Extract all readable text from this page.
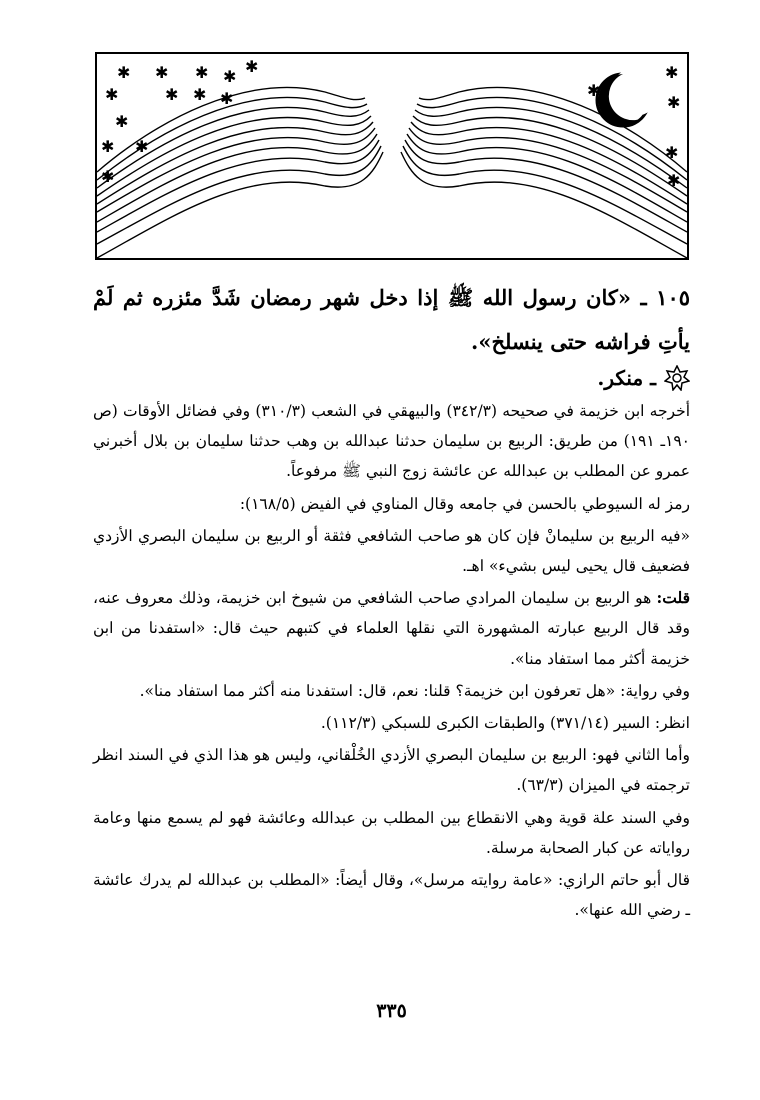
✱ ✱ ✱ ✱
✱
✱	✱ ✱ ✱
✱
✱ ✱
✱
✱
✱
✱
✱
✱
١٠٥ ـ «كان رسول الله ﷺ إذا دخل شهر رمضان شَدَّ مئزره ثم لَمْ يأتِ فراشه حتى ينسلخ».
ـ منكر.

أخرجه ابن خزيمة في صحيحه (٣٤٢/٣) والبيهقي في الشعب (٣١٠/٣) وفي فضائل الأوقات (ص ١٩٠ـ ١٩١) من طريق: الربيع بن سليمان حدثنا عبدالله بن وهب حدثنا سليمان بن بلال أخبرني عمرو عن المطلب بن عبدالله عن عائشة زوج النبي ﷺ مرفوعاً.

رمز له السيوطي بالحسن في جامعه وقال المناوي في الفيض (١٦٨/٥):

«فيه الربيع بن سليمانْ فإن كان هو صاحب الشافعي فثقة أو الربيع بن سليمان البصري الأزدي فضعيف قال يحيى ليس بشيء» اهـ.

قلت: هو الربيع بن سليمان المرادي صاحب الشافعي من شيوخ ابن خزيمة، وذلك معروف عنه، وقد قال الربيع عبارته المشهورة التي نقلها العلماء في كتبهم حيث قال: «استفدنا من ابن خزيمة أكثر مما استفاد منا».

وفي رواية: «هل تعرفون ابن خزيمة؟ قلنا: نعم، قال: استفدنا منه أكثر مما استفاد منا».

انظر: السير (٣٧١/١٤) والطبقات الكبرى للسبكي (١١٢/٣).

وأما الثاني فهو: الربيع بن سليمان البصري الأزدي الخُلْقاني، وليس هو هذا الذي في السند انظر ترجمته في الميزان (٦٣/٣).

وفي السند علة قوية وهي الانقطاع بين المطلب بن عبدالله وعائشة فهو لم يسمع منها وعامة رواياته عن كبار الصحابة مرسلة.

قال أبو حاتم الرازي: «عامة روايته مرسل»، وقال أيضاً: «المطلب بن عبدالله لم يدرك عائشة ـ رضي الله عنها».

٣٣٥
